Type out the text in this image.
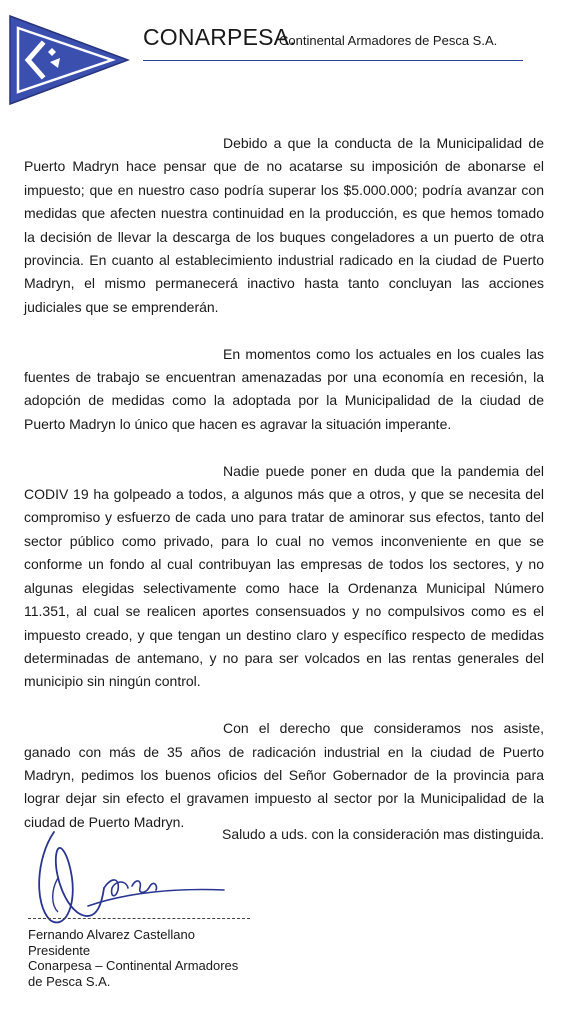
CONARPESA.
Continental Armadores de Pesca S.A.

Debido a que la conducta de la Municipalidad de Puerto Madryn hace pensar que de no acatarse su imposición de abonarse el impuesto; que en nuestro caso podría superar los $5.000.000; podría avanzar con medidas que afecten nuestra continuidad en la producción, es que hemos tomado la decisión de llevar la descarga de los buques congeladores a un puerto de otra provincia. En cuanto al establecimiento industrial radicado en la ciudad de Puerto Madryn, el mismo permanecerá inactivo hasta tanto concluyan las acciones judiciales que se emprenderán.

En momentos como los actuales en los cuales las fuentes de trabajo se encuentran amenazadas por una economía en recesión, la adopción de medidas como la adoptada por la Municipalidad de la ciudad de Puerto Madryn lo único que hacen es agravar la situación imperante.

Nadie puede poner en duda que la pandemia del CODIV 19 ha golpeado a todos, a algunos más que a otros, y que se necesita del compromiso y esfuerzo de cada uno para tratar de aminorar sus efectos, tanto del sector público como privado, para lo cual no vemos inconveniente en que se conforme un fondo al cual contribuyan las empresas de todos los sectores, y no algunas elegidas selectivamente como hace la Ordenanza Municipal Número 11.351, al cual se realicen aportes consensuados y no compulsivos como es el impuesto creado, y que tengan un destino claro y específico respecto de medidas determinadas de antemano, y no para ser volcados en las rentas generales del municipio sin ningún control.

Con el derecho que consideramos nos asiste, ganado con más de 35 años de radicación industrial en la ciudad de Puerto Madryn, pedimos los buenos oficios del Señor Gobernador de la provincia para lograr dejar sin efecto el gravamen impuesto al sector por la Municipalidad de la ciudad de Puerto Madryn.

Saludo a uds. con la consideración mas distinguida.
Fernando Alvarez Castellano
Presidente
Conarpesa – Continental Armadores
de Pesca S.A.
